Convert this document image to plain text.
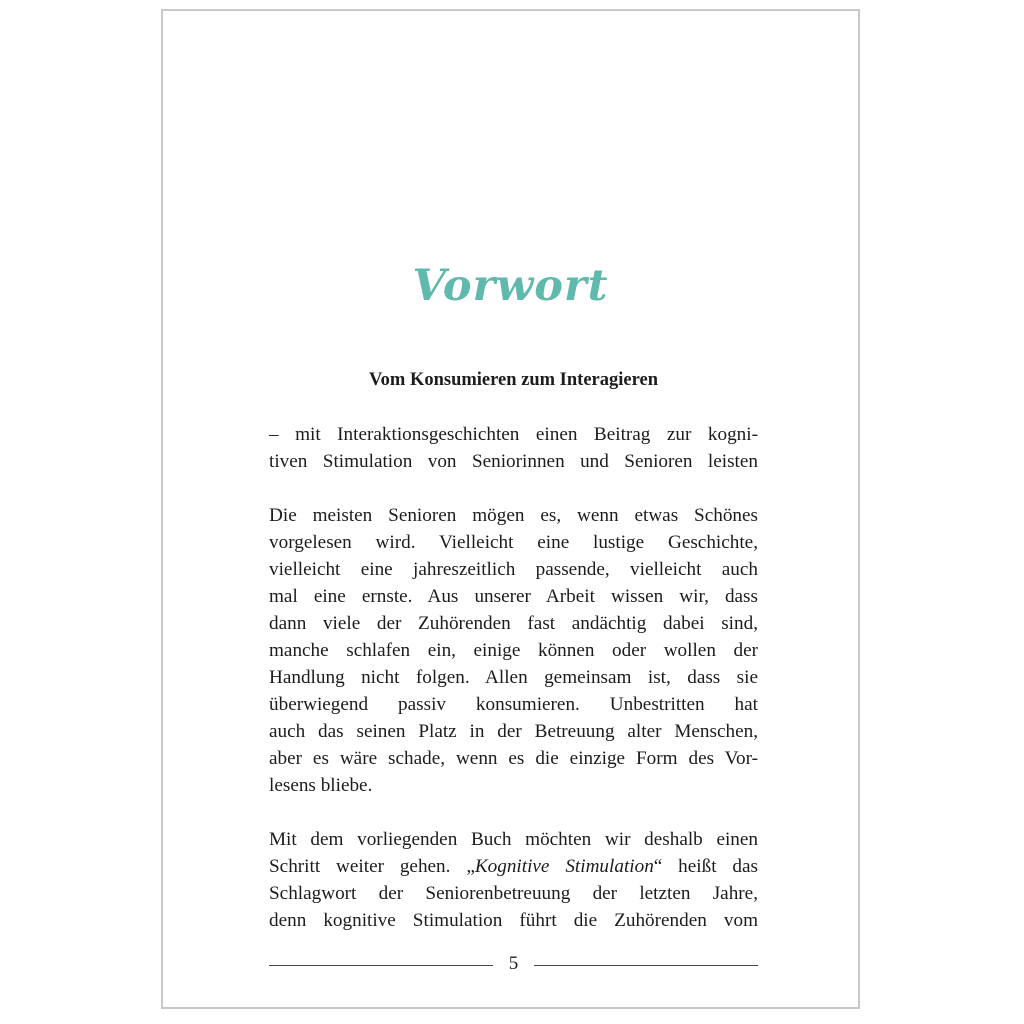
Vorwort
Vom Konsumieren zum Interagieren
– mit Interaktionsgeschichten einen Beitrag zur kogni-
tiven Stimulation von Seniorinnen und Senioren leisten
Die meisten Senioren mögen es, wenn etwas Schönes
vorgelesen wird. Vielleicht eine lustige Geschichte,
vielleicht eine jahreszeitlich passende, vielleicht auch
mal eine ernste. Aus unserer Arbeit wissen wir, dass
dann viele der Zuhörenden fast andächtig dabei sind,
manche schlafen ein, einige können oder wollen der
Handlung nicht folgen. Allen gemeinsam ist, dass sie
überwiegend passiv konsumieren. Unbestritten hat
auch das seinen Platz in der Betreuung alter Menschen,
aber es wäre schade, wenn es die einzige Form des Vor-
lesens bliebe.
Mit dem vorliegenden Buch möchten wir deshalb einen
Schritt weiter gehen. „Kognitive Stimulation“ heißt das
Schlagwort der Seniorenbetreuung der letzten Jahre,
denn kognitive Stimulation führt die Zuhörenden vom
5
